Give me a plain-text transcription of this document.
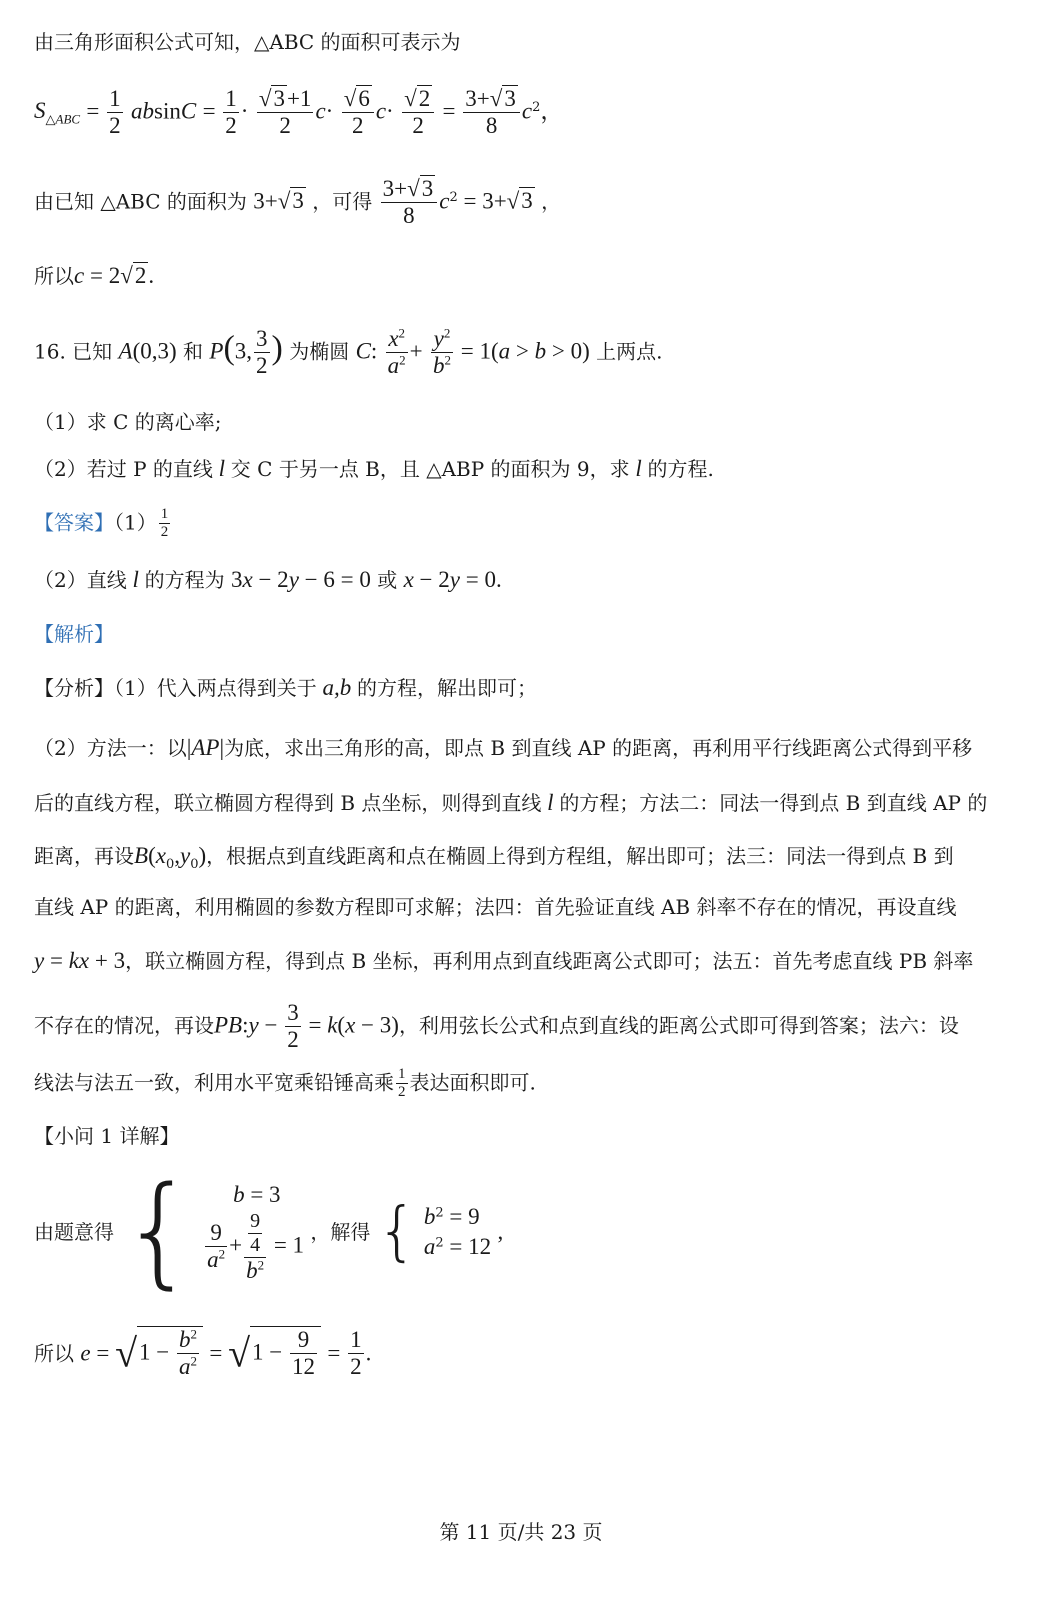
由三角形面积公式可知，△ABC 的面积可表示为
$S_{\triangle ABC} = \frac{1}{2}$ $absinC = \frac{1}{2} \cdot \frac{√3+1}{2} c\cdot \frac{√6}{2} c\cdot \frac{√2}{2} = \frac{3+√3}{8} c^2$，
由已知 △ABC 的面积为 3+√3 ，可得 $\frac{3+√3}{8} c^2 = 3+√3$ ，
所以c = 2√2.
16. 已知 A(0,3) 和 P(3, $\frac{3}{2}$ ) 为椭圆 C: $\frac{x^2}{a^2} + \frac{y^2}{b^2} = 1(a > b > 0)$ 上两点.
（1）求 C 的离心率;
（2）若过 P 的直线 l 交 C 于另一点 B，且 △ABP 的面积为 9，求 l 的方程.
【答案】$(1) \frac{1}{2}$
（2）直线 l 的方程为 3x − 2y − 6 = 0 或 x − 2y = 0.
【解析】
【分析】（1）代入两点得到关于 a,b 的方程，解出即可；
（2）方法一：以|AP|为底，求出三角形的高，即点 B 到直线 AP 的距离，再利用平行线距离公式得到平移
后的直线方程，联立椭圆方程得到 B 点坐标，则得到直线 l 的方程；方法二：同法一得到点 B 到直线 AP 的
距离，再设$B(x_0,y_0)$，根据点到直线距离和点在椭圆上得到方程组，解出即可；法三：同法一得到点 B 到
直线 AP 的距离，利用椭圆的参数方程即可求解；法四：首先验证直线 AB 斜率不存在的情况，再设直线
y = kx + 3，联立椭圆方程，得到点 B 坐标，再利用点到直线距离公式即可；法五：首先考虑直线 PB 斜率
不存在的情况，再设PB:y − $\frac{3}{2} = k(x - 3)$，利用弦长公式和点到直线的距离公式即可得到答案；法六：设
线法与法五一致，利用水平宽乘铅锤高乘 $\frac{1}{2}$ 表达面积即可.
【小问 1 详解】
由题意得 {	b = 3
$\frac{9}{a^2} + \frac{\frac{9}{4}}{b^2} = 1$
，解得 { $b^2 = 9$
$a^2 = 12$
,
所以 $e = √1 - \frac{b^2}{a^2} = √1 - \frac{9}{12} = \frac{1}{2}$ .
第 11 页/共 23 页
